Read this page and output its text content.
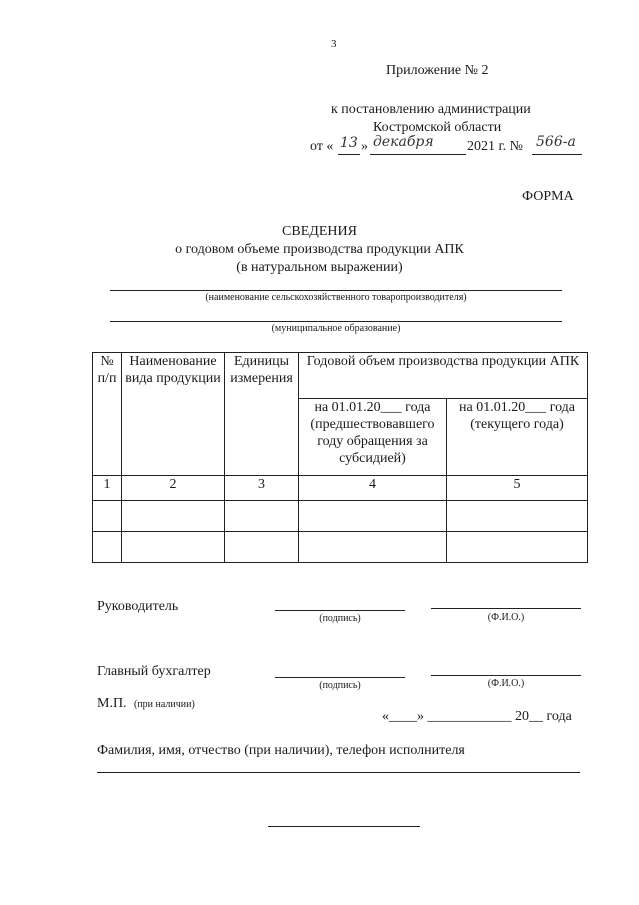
3
Приложение № 2
к постановлению администрации
Костромской области
от « 13 » декабря 2021 г. № 566-а
ФОРМА
СВЕДЕНИЯ
о годовом объеме производства продукции АПК
(в натуральном выражении)
(наименование сельскохозяйственного товаропроизводителя)
(муниципальное образование)
№ п/п	Наименование вида продукции	Единицы измерения	Годовой объем производства продукции АПК	
			на 01.01.20___ года (предшествовавшего году обращения за субсидией)	на 01.01.20___ года (текущего года)
1	2	3	4	5

Руководитель
(подпись)	(Ф.И.О.)
Главный бухгалтер
(подпись)	(Ф.И.О.)
М.П. (при наличии)
«____» ____________ 20__ года
Фамилия, имя, отчество (при наличии), телефон исполнителя
